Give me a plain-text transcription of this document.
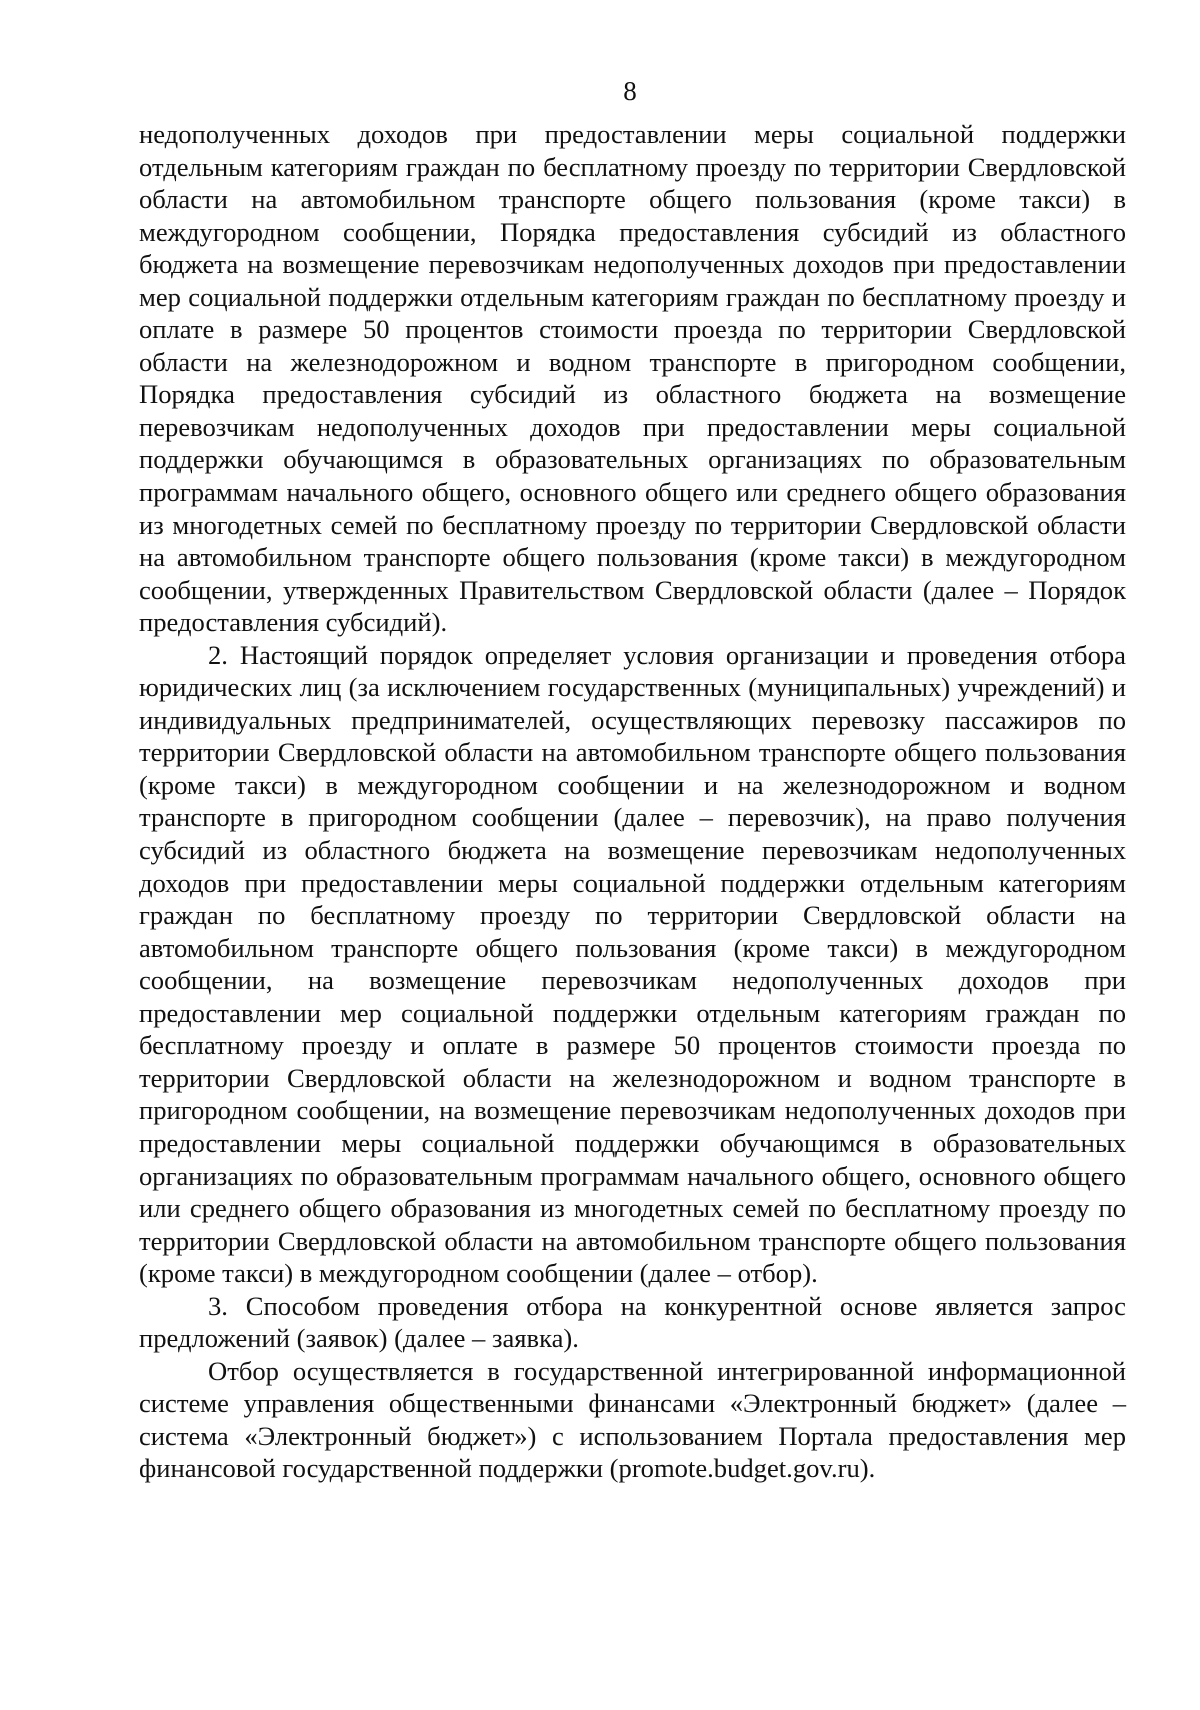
8

недополученных доходов при предоставлении меры социальной поддержки отдельным категориям граждан по бесплатному проезду по территории Свердловской области на автомобильном транспорте общего пользования (кроме такси) в междугородном сообщении, Порядка предоставления субсидий из областного бюджета на возмещение перевозчикам недополученных доходов при предоставлении мер социальной поддержки отдельным категориям граждан по бесплатному проезду и оплате в размере 50 процентов стоимости проезда по территории Свердловской области на железнодорожном и водном транспорте в пригородном сообщении, Порядка предоставления субсидий из областного бюджета на возмещение перевозчикам недополученных доходов при предоставлении меры социальной поддержки обучающимся в образовательных организациях по образовательным программам начального общего, основного общего или среднего общего образования из многодетных семей по бесплатному проезду по территории Свердловской области на автомобильном транспорте общего пользования (кроме такси) в междугородном сообщении, утвержденных Правительством Свердловской области (далее – Порядок предоставления субсидий).

2. Настоящий порядок определяет условия организации и проведения отбора юридических лиц (за исключением государственных (муниципальных) учреждений) и индивидуальных предпринимателей, осуществляющих перевозку пассажиров по территории Свердловской области на автомобильном транспорте общего пользования (кроме такси) в междугородном сообщении и на железнодорожном и водном транспорте в пригородном сообщении (далее – перевозчик), на право получения субсидий из областного бюджета на возмещение перевозчикам недополученных доходов при предоставлении меры социальной поддержки отдельным категориям граждан по бесплатному проезду по территории Свердловской области на автомобильном транспорте общего пользования (кроме такси) в междугородном сообщении, на возмещение перевозчикам недополученных доходов при предоставлении мер социальной поддержки отдельным категориям граждан по бесплатному проезду и оплате в размере 50 процентов стоимости проезда по территории Свердловской области на железнодорожном и водном транспорте в пригородном сообщении, на возмещение перевозчикам недополученных доходов при предоставлении меры социальной поддержки обучающимся в образовательных организациях по образовательным программам начального общего, основного общего или среднего общего образования из многодетных семей по бесплатному проезду по территории Свердловской области на автомобильном транспорте общего пользования (кроме такси) в междугородном сообщении (далее – отбор).

3. Способом проведения отбора на конкурентной основе является запрос предложений (заявок) (далее – заявка).

Отбор осуществляется в государственной интегрированной информационной системе управления общественными финансами «Электронный бюджет» (далее – система «Электронный бюджет») с использованием Портала предоставления мер финансовой государственной поддержки (promote.budget.gov.ru).
